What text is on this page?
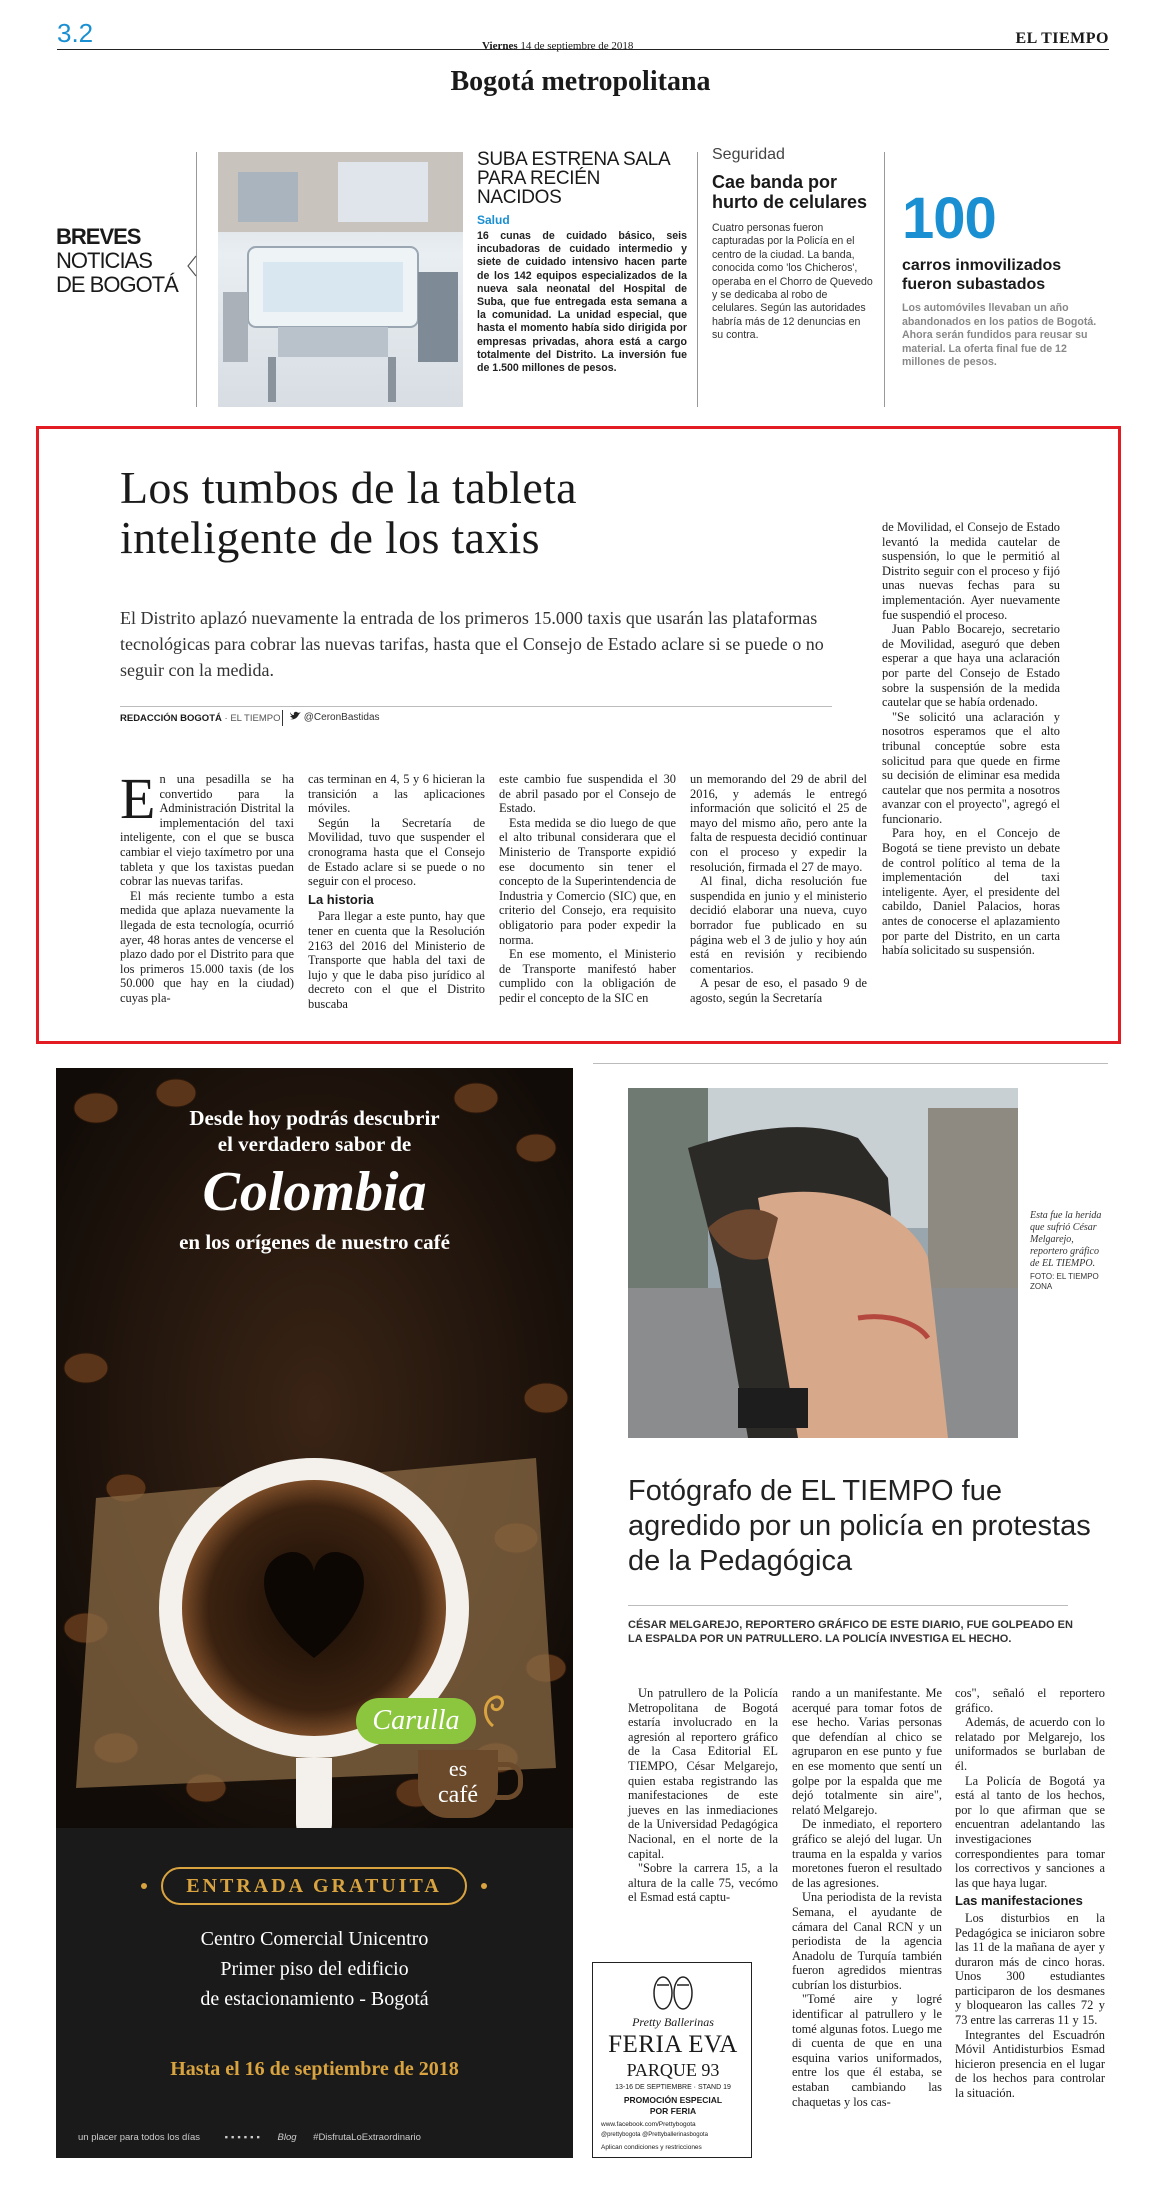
3.2	Viernes 14 de septiembre de 2018	EL TIEMPO
Bogotá metropolitana
BREVES
NOTICIAS
DE BOGOTÁ
SUBA ESTRENA SALA PARA RECIÉN NACIDOS
Salud
16 cunas de cuidado básico, seis incubadoras de cuidado intermedio y siete de cuidado intensivo hacen parte de los 142 equipos especializados de la nueva sala neonatal del Hospital de Suba, que fue entregada esta semana a la comunidad. La unidad especial, que hasta el momento había sido dirigida por empresas privadas, ahora está a cargo totalmente del Distrito. La inversión fue de 1.500 millones de pesos.
Seguridad
Cae banda por hurto de celulares
Cuatro personas fueron capturadas por la Policía en el centro de la ciudad. La banda, conocida como 'los Chicheros', operaba en el Chorro de Quevedo y se dedicaba al robo de celulares. Según las autoridades habría más de 12 denuncias en su contra.
100
carros inmovilizados fueron subastados
Los automóviles llevaban un año abandonados en los patios de Bogotá. Ahora serán fundidos para reusar su material. La oferta final fue de 12 millones de pesos.
Los tumbos de la tableta
inteligente de los taxis
El Distrito aplazó nuevamente la entrada de los primeros 15.000 taxis que usarán las plataformas tecnológicas para cobrar las nuevas tarifas, hasta que el Consejo de Estado aclare si se puede o no seguir con la medida.
REDACCIÓN BOGOTÁ · EL TIEMPO	@CeronBastidas
E n una pesadilla se ha convertido para la Administración Distrital la implementación del taxi inteligente, con el que se busca cambiar el viejo taxímetro por una tableta y que los taxistas puedan cobrar las nuevas tarifas.

El más reciente tumbo a esta medida que aplaza nuevamente la llegada de esta tecnología, ocurrió ayer, 48 horas antes de vencerse el plazo dado por el Distrito para que los primeros 15.000 taxis (de los 50.000 que hay en la ciudad) cuyas pla-

cas terminan en 4, 5 y 6 hicieran la transición a las aplicaciones móviles.

Según la Secretaría de Movilidad, tuvo que suspender el cronograma hasta que el Consejo de Estado aclare si se puede o no seguir con el proceso.

La historia

Para llegar a este punto, hay que tener en cuenta que la Resolución 2163 del 2016 del Ministerio de Transporte que habla del taxi de lujo y que le daba piso jurídico al decreto con el que el Distrito buscaba

este cambio fue suspendida el 30 de abril pasado por el Consejo de Estado.

Esta medida se dio luego de que el alto tribunal considerara que el Ministerio de Transporte expidió ese documento sin tener el concepto de la Superintendencia de Industria y Comercio (SIC) que, en criterio del Consejo, era requisito obligatorio para poder expedir la norma.

En ese momento, el Ministerio de Transporte manifestó haber cumplido con la obligación de pedir el concepto de la SIC en

un memorando del 29 de abril del 2016, y además le entregó información que solicitó el 25 de mayo del mismo año, pero ante la falta de respuesta decidió continuar con el proceso y expedir la resolución, firmada el 27 de mayo.

Al final, dicha resolución fue suspendida en junio y el ministerio decidió elaborar una nueva, cuyo borrador fue publicado en su página web el 3 de julio y hoy aún está en revisión y recibiendo comentarios.

A pesar de eso, el pasado 9 de agosto, según la Secretaría

de Movilidad, el Consejo de Estado levantó la medida cautelar de suspensión, lo que le permitió al Distrito seguir con el proceso y fijó unas nuevas fechas para su implementación. Ayer nuevamente fue suspendió el proceso.

Juan Pablo Bocarejo, secretario de Movilidad, aseguró que deben esperar a que haya una aclaración por parte del Consejo de Estado sobre la suspensión de la medida cautelar que se había ordenado.

"Se solicitó una aclaración y nosotros esperamos que el alto tribunal conceptúe sobre esta solicitud para que quede en firme su decisión de eliminar esa medida cautelar que nos permita a nosotros avanzar con el proyecto", agregó el funcionario.

Para hoy, en el Concejo de Bogotá se tiene previsto un debate de control político al tema de la implementación del taxi inteligente. Ayer, el presidente del cabildo, Daniel Palacios, horas antes de conocerse el aplazamiento por parte del Distrito, en un carta había solicitado su suspensión.

Desde hoy podrás descubrir
el verdadero sabor de
Colombia
en los orígenes de nuestro café
Carulla
es
café
ENTRADA GRATUITA
Centro Comercial Unicentro
Primer piso del edificio
de estacionamiento - Bogotá
Hasta el 16 de septiembre de 2018
un placer para todos los días	▪▪▪▪▪▪ Blog #DisfrutaLoExtraordinario
Esta fue la herida que sufrió César Melgarejo, reportero gráfico de EL TIEMPO.
FOTO: EL TIEMPO ZONA
Fotógrafo de EL TIEMPO fue agredido por un policía en protestas de la Pedagógica
CÉSAR MELGAREJO, REPORTERO GRÁFICO DE ESTE DIARIO, FUE GOLPEADO EN LA ESPALDA POR UN PATRULLERO. LA POLICÍA INVESTIGA EL HECHO.

Un patrullero de la Policía Metropolitana de Bogotá estaría involucrado en la agresión al reportero gráfico de la Casa Editorial EL TIEMPO, César Melgarejo, quien estaba registrando las manifestaciones de este jueves en las inmediaciones de la Universidad Pedagógica Nacional, en el norte de la capital.

"Sobre la carrera 15, a la altura de la calle 75, vecómo el Esmad está captu-

rando a un manifestante. Me acerqué para tomar fotos de ese hecho. Varias personas que defendían al chico se agruparon en ese punto y fue en ese momento que sentí un golpe por la espalda que me dejó totalmente sin aire", relató Melgarejo.

De inmediato, el reportero gráfico se alejó del lugar. Un trauma en la espalda y varios moretones fueron el resultado de las agresiones.

Una periodista de la revista Semana, el ayudante de cámara del Canal RCN y un periodista de la agencia Anadolu de Turquía también fueron agredidos mientras cubrían los disturbios.

"Tomé aire y logré identificar al patrullero y le tomé algunas fotos. Luego me di cuenta de que en una esquina varios uniformados, entre los que él estaba, se estaban cambiando las chaquetas y los cas-

cos", señaló el reportero gráfico.

Además, de acuerdo con lo relatado por Melgarejo, los uniformados se burlaban de él.

La Policía de Bogotá ya está al tanto de los hechos, por lo que afirman que se encuentran adelantando las investigaciones correspondientes para tomar los correctivos y sanciones a las que haya lugar.

Las manifestaciones

Los disturbios en la Pedagógica se iniciaron sobre las 11 de la mañana de ayer y duraron más de cinco horas. Unos 300 estudiantes participaron de los desmanes y bloquearon las calles 72 y 73 entre las carreras 11 y 15.

Integrantes del Escuadrón Móvil Antidisturbios Esmad hicieron presencia en el lugar de los hechos para controlar la situación.

Pretty Ballerinas
FERIA EVA
PARQUE 93
13-16 DE SEPTIEMBRE · STAND 19
PROMOCIÓN ESPECIAL
POR FERIA
www.facebook.com/Prettybogota
@prettybogota @Prettyballerinasbogota
Aplican condiciones y restricciones
